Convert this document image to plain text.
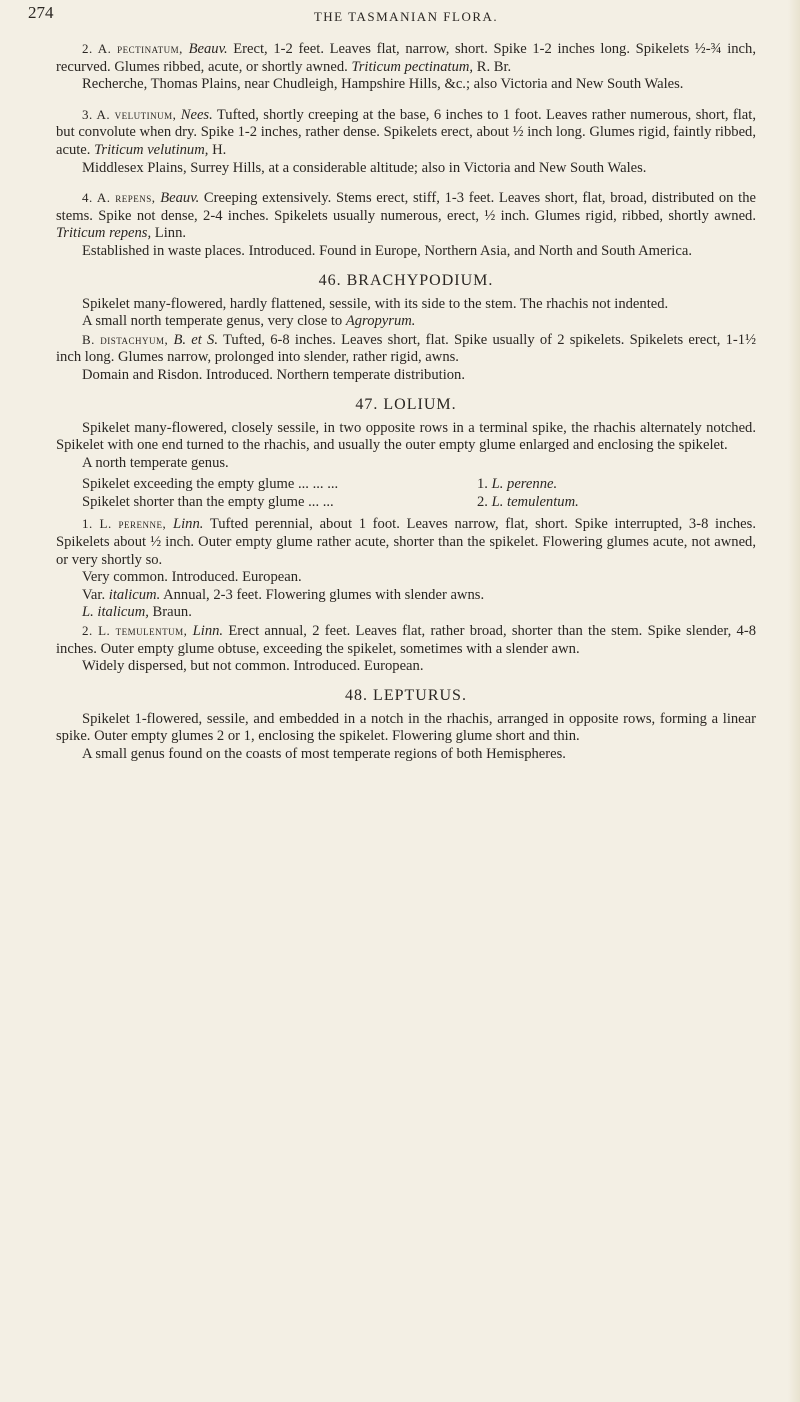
274	THE TASMANIAN FLORA.

2. A. pectinatum, Beauv. Erect, 1-2 feet. Leaves flat, narrow, short. Spike 1-2 inches long. Spikelets ½-¾ inch, recurved. Glumes ribbed, acute, or shortly awned. Triticum pectinatum, R. Br.

Recherche, Thomas Plains, near Chudleigh, Hampshire Hills, &c.; also Victoria and New South Wales.

3. A. velutinum, Nees. Tufted, shortly creeping at the base, 6 inches to 1 foot. Leaves rather numerous, short, flat, but convolute when dry. Spike 1-2 inches, rather dense. Spikelets erect, about ½ inch long. Glumes rigid, faintly ribbed, acute. Triticum velutinum, H.

Middlesex Plains, Surrey Hills, at a considerable altitude; also in Victoria and New South Wales.

4. A. repens, Beauv. Creeping extensively. Stems erect, stiff, 1-3 feet. Leaves short, flat, broad, distributed on the stems. Spike not dense, 2-4 inches. Spikelets usually numerous, erect, ½ inch. Glumes rigid, ribbed, shortly awned. Triticum repens, Linn.

Established in waste places. Introduced. Found in Europe, Northern Asia, and North and South America.

46. BRACHYPODIUM.

Spikelet many-flowered, hardly flattened, sessile, with its side to the stem. The rhachis not indented.

A small north temperate genus, very close to Agropyrum.

B. distachyum, B. et S. Tufted, 6-8 inches. Leaves short, flat. Spike usually of 2 spikelets. Spikelets erect, 1-1½ inch long. Glumes narrow, prolonged into slender, rather rigid, awns.

Domain and Risdon. Introduced. Northern temperate distribution.

47. LOLIUM.

Spikelet many-flowered, closely sessile, in two opposite rows in a terminal spike, the rhachis alternately notched. Spikelet with one end turned to the rhachis, and usually the outer empty glume enlarged and enclosing the spikelet.

A north temperate genus.

Spikelet exceeding the empty glume ... ... ...	1. L. perenne.
Spikelet shorter than the empty glume ... ...	2. L. temulentum.

1. L. perenne, Linn. Tufted perennial, about 1 foot. Leaves narrow, flat, short. Spike interrupted, 3-8 inches. Spikelets about ½ inch. Outer empty glume rather acute, shorter than the spikelet. Flowering glumes acute, not awned, or very shortly so.

Very common. Introduced. European.

Var. italicum. Annual, 2-3 feet. Flowering glumes with slender awns.

L. italicum, Braun.

2. L. temulentum, Linn. Erect annual, 2 feet. Leaves flat, rather broad, shorter than the stem. Spike slender, 4-8 inches. Outer empty glume obtuse, exceeding the spikelet, sometimes with a slender awn.

Widely dispersed, but not common. Introduced. European.

48. LEPTURUS.

Spikelet 1-flowered, sessile, and embedded in a notch in the rhachis, arranged in opposite rows, forming a linear spike. Outer empty glumes 2 or 1, enclosing the spikelet. Flowering glume short and thin.

A small genus found on the coasts of most temperate regions of both Hemispheres.
